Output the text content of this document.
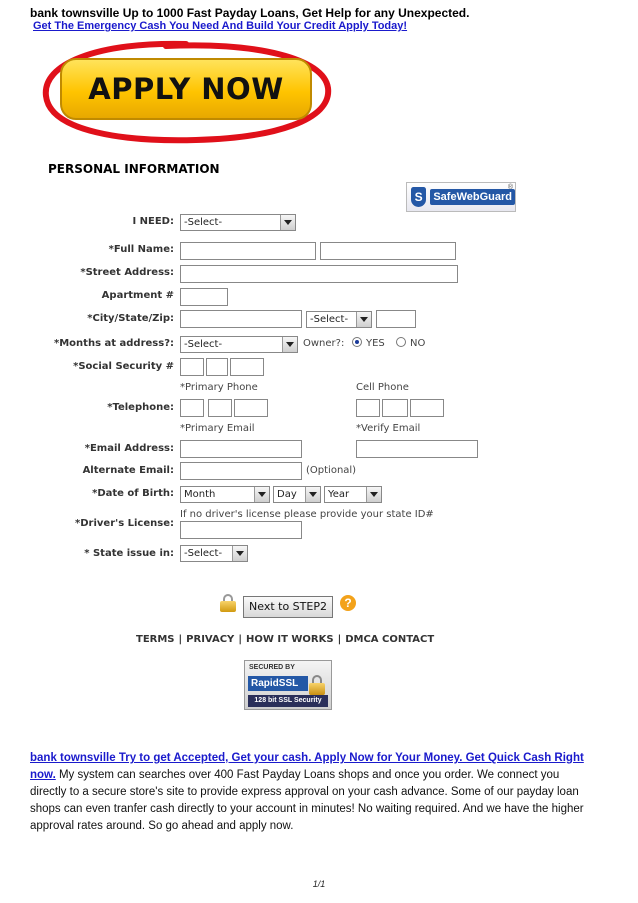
bank townsville Up to 1000 Fast Payday Loans, Get Help for any Unexpected.
Get The Emergency Cash You Need And Build Your Credit Apply Today!
APPLY NOW
PERSONAL INFORMATION
S SafeWebGuard
®
I NEED:	-Select-
*Full Name:
*Street Address:
Apartment #
*City/State/Zip:	-Select-
*Months at address?:	-Select-	Owner?: YES	NO
*Social Security #
*Primary Phone	Cell Phone
*Telephone:
*Primary Email	*Verify Email
*Email Address:
Alternate Email:	(Optional)
*Date of Birth:	Month	Day	Year
If no driver's license please provide your state ID#
*Driver's License:
* State issue in:	-Select-
Next to STEP2	?
TERMS | PRIVACY | HOW IT WORKS | DMCA CONTACT
SECURED BY
RapidSSL
128 bit SSL Security
bank townsville Try to get Accepted, Get your cash. Apply Now for Your Money. Get Quick Cash Right now. My system can searches over 400 Fast Payday Loans shops and once you order. We connect you directly to a secure store's site to provide express approval on your cash advance. Some of our payday loan shops can even tranfer cash directly to your account in minutes! No waiting required. And we have the higher approval rates around. So go ahead and apply now.
1/1
